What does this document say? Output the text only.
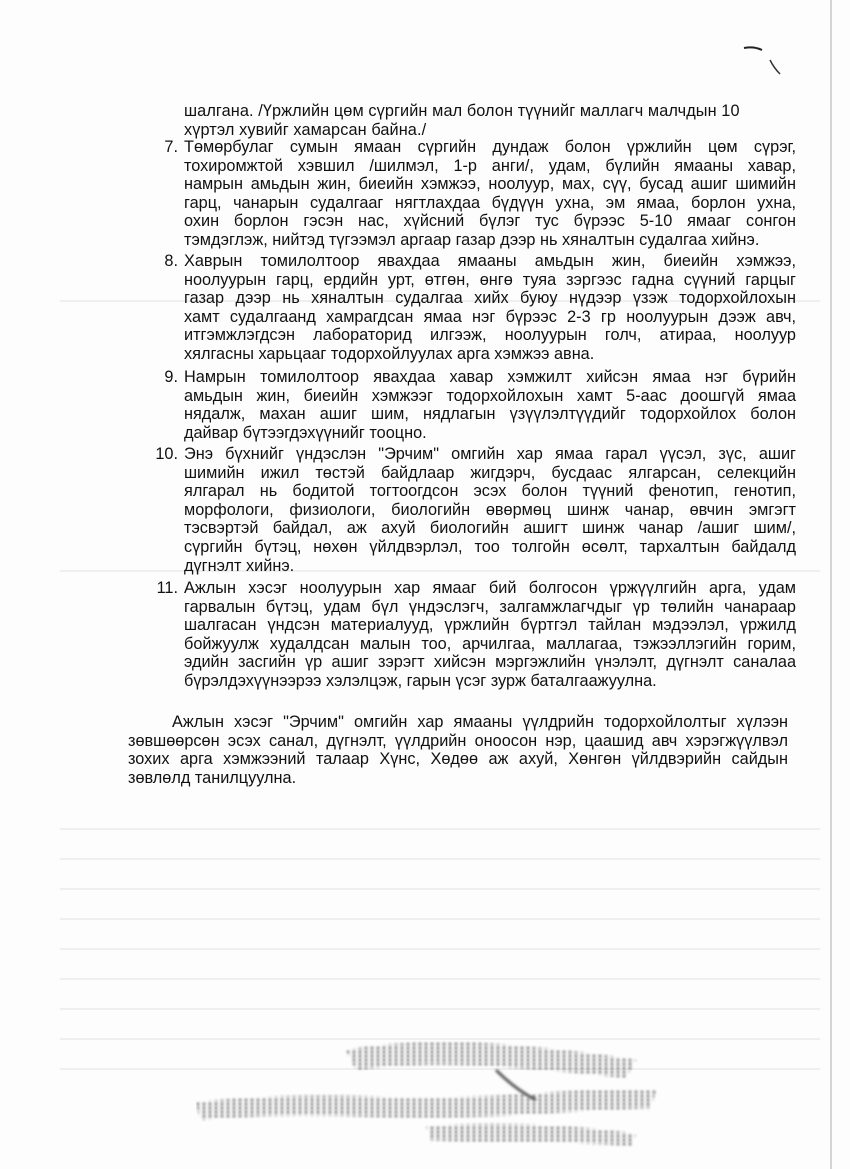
шалгана. /Үржлийн цөм сүргийн мал болон түүнийг маллагч малчдын 10
хүртэл хувийг хамарсан байна./
7. Төмөрбулаг сумын ямаан сүргийн дундаж болон үржлийн цөм сүрэг,
тохиромжтой хэвшил /шилмэл, 1-р анги/, удам, бүлийн ямааны хавар,
намрын амьдын жин, биеийн хэмжээ, ноолуур, мах, сүү, бусад ашиг шимийн
гарц, чанарын судалгааг нягтлахдаа бүдүүн ухна, эм ямаа, борлон ухна,
охин борлон гэсэн нас, хүйсний бүлэг тус бүрээс 5-10 ямааг сонгон
тэмдэглэж, нийтэд түгээмэл аргаар газар дээр нь хяналтын судалгаа хийнэ.
8. Хаврын томилолтоор явахдаа ямааны амьдын жин, биеийн хэмжээ,
ноолуурын гарц, ердийн урт, өтгөн, өнгө туяа зэргээс гадна сүүний гарцыг
газар дээр нь хяналтын судалгаа хийх буюу нүдээр үзэж тодорхойлохын
хамт судалгаанд хамрагдсан ямаа нэг бүрээс 2-3 гр ноолуурын дээж авч,
итгэмжлэгдсэн лабораторид илгээж, ноолуурын голч, атираа, ноолуур
хялгасны харьцааг тодорхойлуулах арга хэмжээ авна.
9. Намрын томилолтоор явахдаа хавар хэмжилт хийсэн ямаа нэг бүрийн
амьдын жин, биеийн хэмжээг тодорхойлохын хамт 5-аас доошгүй ямаа
нядалж, махан ашиг шим, нядлагын үзүүлэлтүүдийг тодорхойлох болон
дайвар бүтээгдэхүүнийг тооцно.
10. Энэ бүхнийг үндэслэн "Эрчим" омгийн хар ямаа гарал үүсэл, зүс, ашиг
шимийн ижил төстэй байдлаар жигдэрч, бусдаас ялгарсан, селекцийн
ялгарал нь бодитой тогтоогдсон эсэх болон түүний фенотип, генотип,
морфологи, физиологи, биологийн өвөрмөц шинж чанар, өвчин эмгэгт
тэсвэртэй байдал, аж ахуй биологийн ашигт шинж чанар /ашиг шим/,
сүргийн бүтэц, нөхөн үйлдвэрлэл, тоо толгойн өсөлт, тархалтын байдалд
дүгнэлт хийнэ.
11. Ажлын хэсэг ноолуурын хар ямааг бий болгосон үржүүлгийн арга, удам
гарвалын бүтэц, удам бүл үндэслэгч, залгамжлагчдыг үр төлийн чанараар
шалгасан үндсэн материалууд, үржлийн бүртгэл тайлан мэдээлэл, үржилд
бойжуулж худалдсан малын тоо, арчилгаа, маллагаа, тэжээллэгийн горим,
эдийн засгийн үр ашиг зэрэгт хийсэн мэргэжлийн үнэлэлт, дүгнэлт саналаа
бүрэлдэхүүнээрээ хэлэлцэж, гарын үсэг зурж баталгаажуулна.
Ажлын хэсэг "Эрчим" омгийн хар ямааны үүлдрийн тодорхойлолтыг хүлээн
зөвшөөрсөн эсэх санал, дүгнэлт, үүлдрийн оноосон нэр, цаашид авч хэрэгжүүлвэл
зохих арга хэмжээний талаар Хүнс, Хөдөө аж ахуй, Хөнгөн үйлдвэрийн сайдын
зөвлөлд танилцуулна.
